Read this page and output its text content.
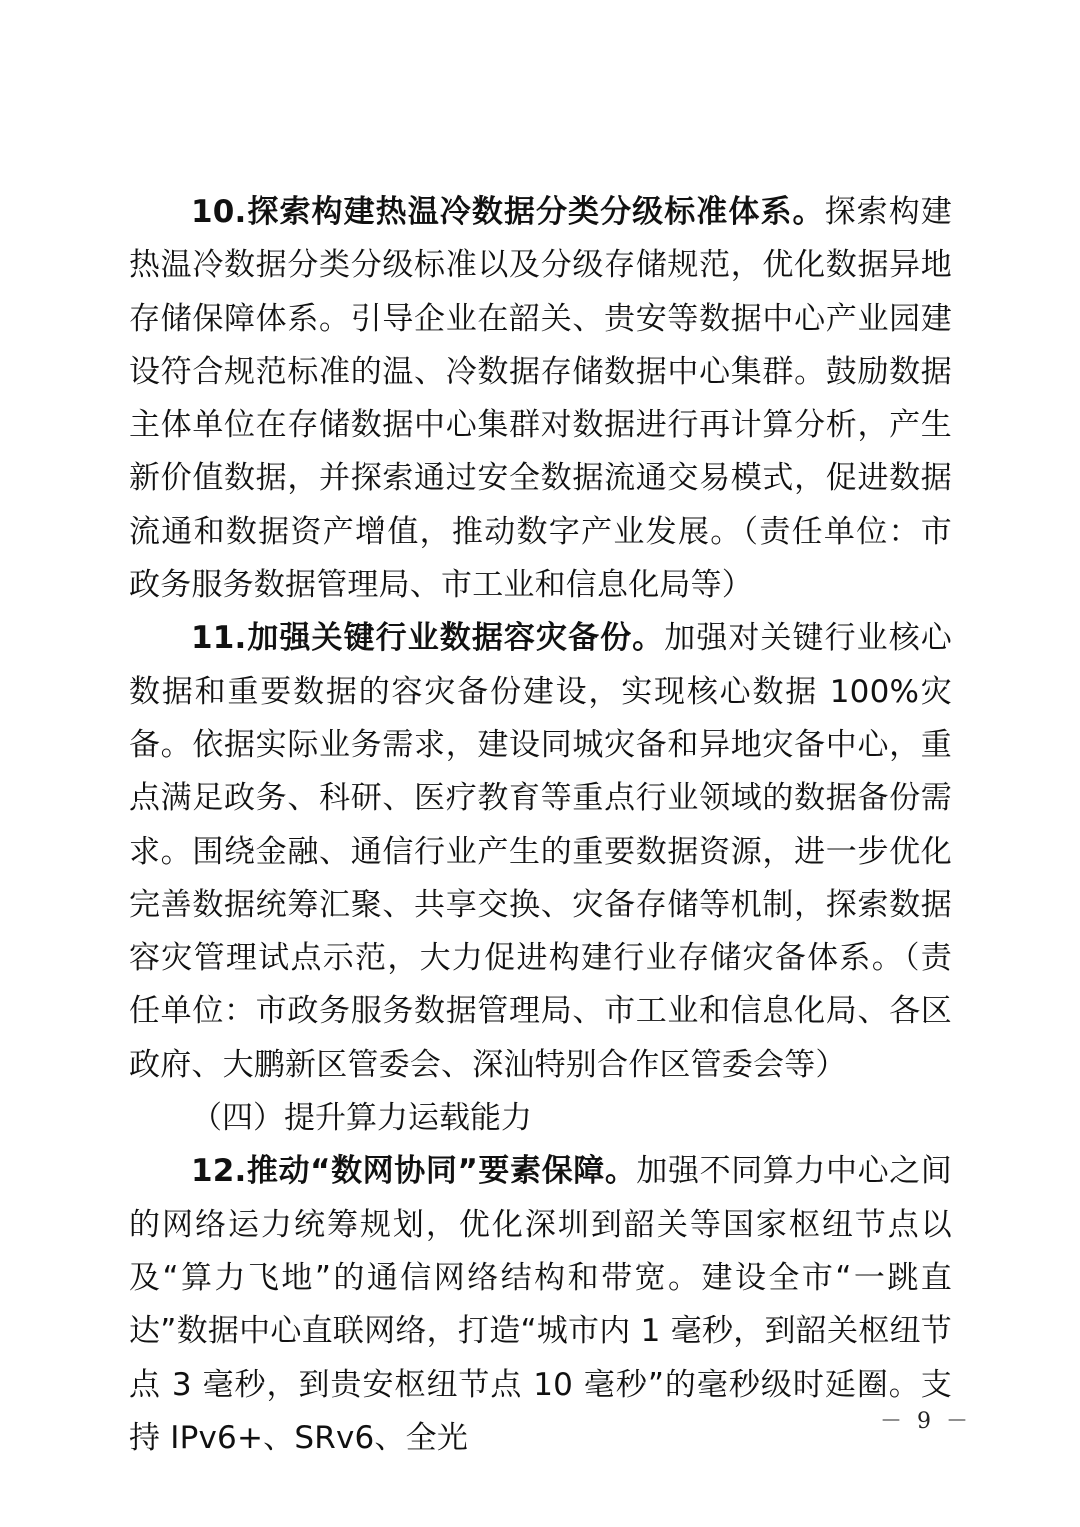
10.探索构建热温冷数据分类分级标准体系。探索构建热温冷数据分类分级标准以及分级存储规范，优化数据异地存储保障体系。引导企业在韶关、贵安等数据中心产业园建设符合规范标准的温、冷数据存储数据中心集群。鼓励数据主体单位在存储数据中心集群对数据进行再计算分析，产生新价值数据，并探索通过安全数据流通交易模式，促进数据流通和数据资产增值，推动数字产业发展。（责任单位：市政务服务数据管理局、市工业和信息化局等）

11.加强关键行业数据容灾备份。加强对关键行业核心数据和重要数据的容灾备份建设，实现核心数据 100%灾备。依据实际业务需求，建设同城灾备和异地灾备中心，重点满足政务、科研、医疗教育等重点行业领域的数据备份需求。围绕金融、通信行业产生的重要数据资源，进一步优化完善数据统筹汇聚、共享交换、灾备存储等机制，探索数据容灾管理试点示范，大力促进构建行业存储灾备体系。（责任单位：市政务服务数据管理局、市工业和信息化局、各区政府、大鹏新区管委会、深汕特别合作区管委会等）

（四）提升算力运载能力

12.推动“数网协同”要素保障。加强不同算力中心之间的网络运力统筹规划，优化深圳到韶关等国家枢纽节点以及“算力飞地”的通信网络结构和带宽。建设全市“一跳直达”数据中心直联网络，打造“城市内 1 毫秒，到韶关枢纽节点 3 毫秒，到贵安枢纽节点 10 毫秒”的毫秒级时延圈。支持 IPv6+、SRv6、全光	－ 9 －
